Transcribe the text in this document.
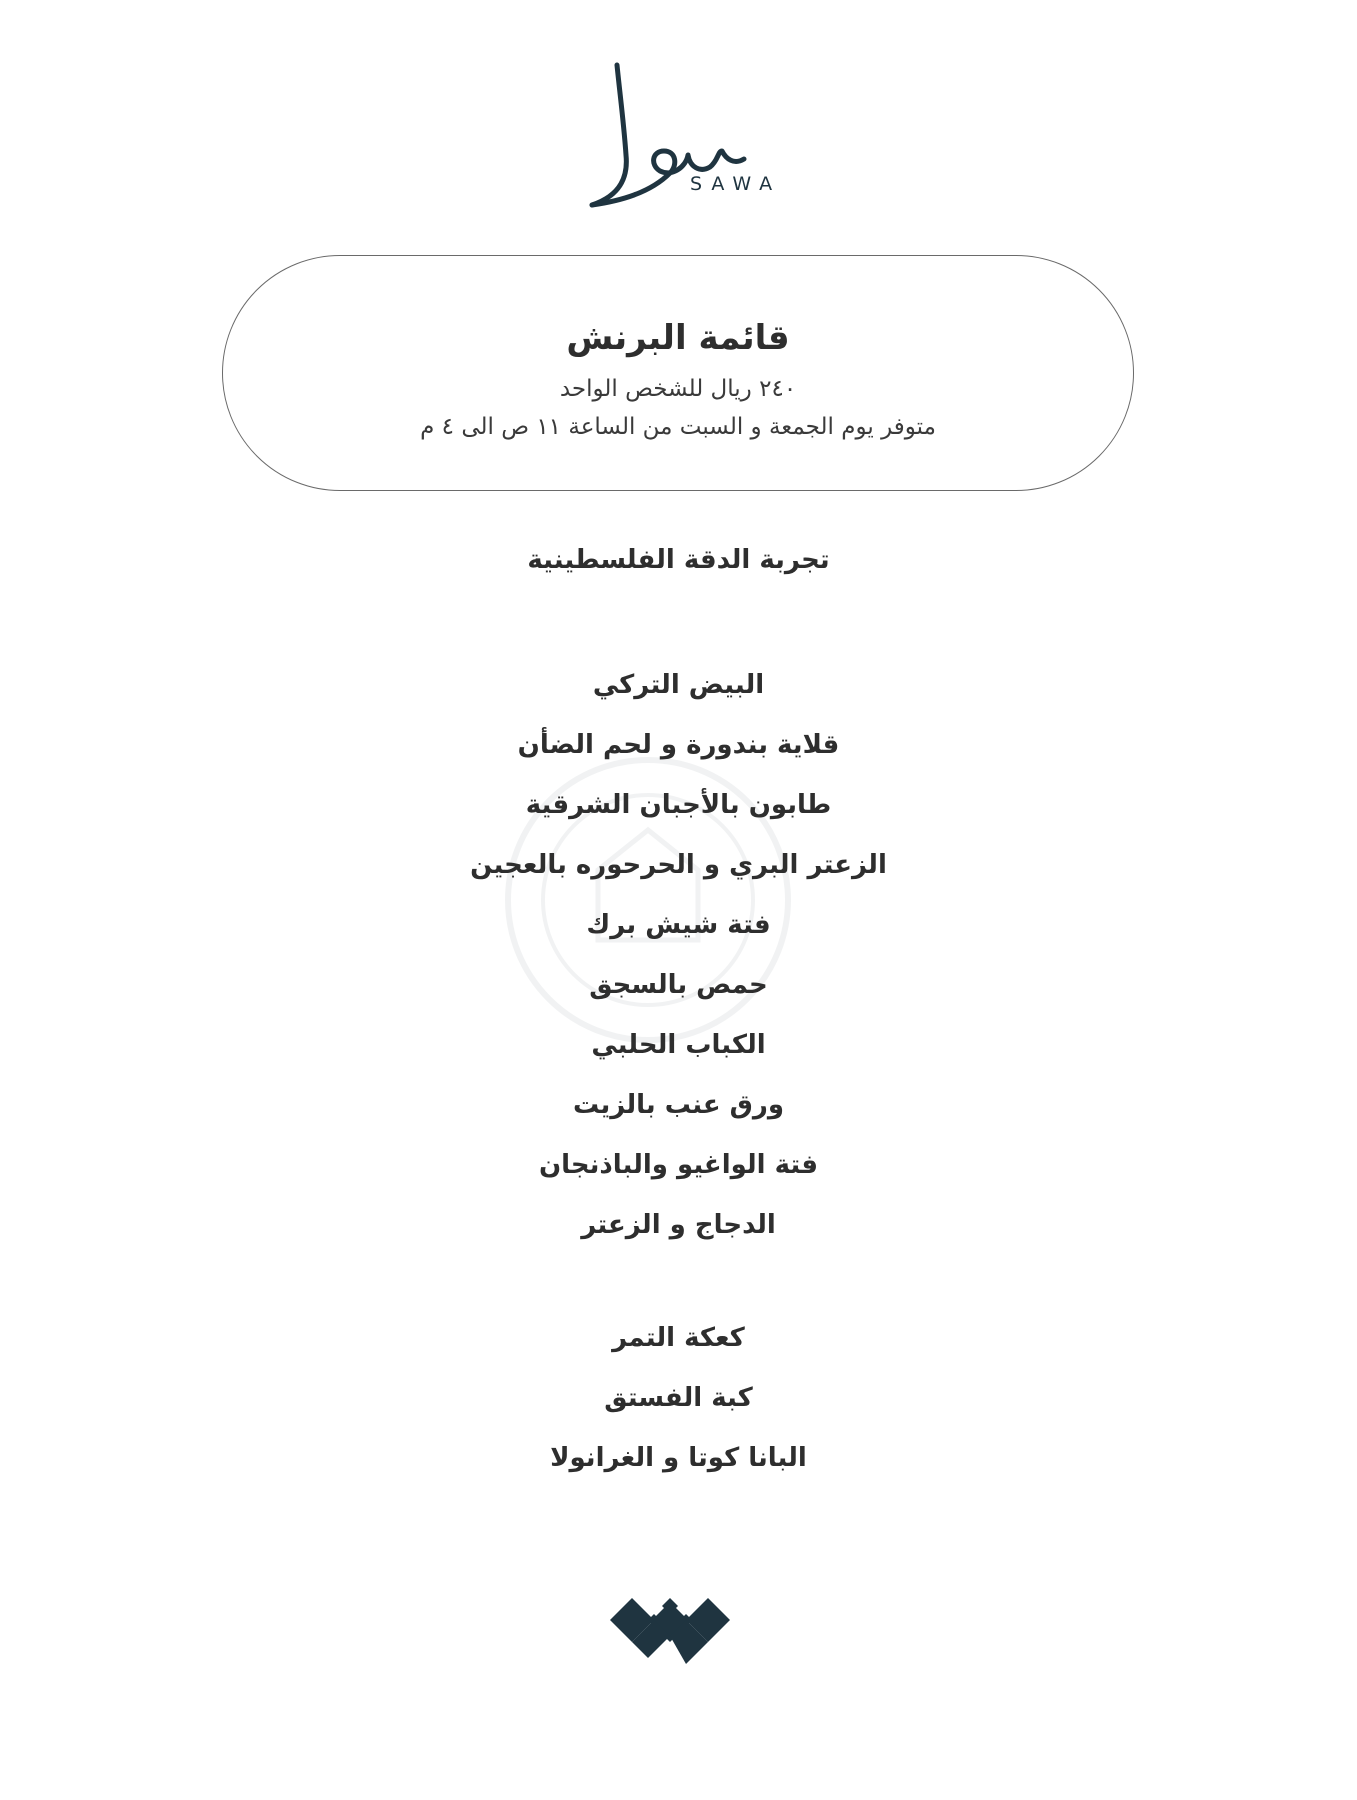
SAWA
قائمة البرنش
٢٤٠ ريال للشخص الواحد
متوفر يوم الجمعة و السبت من الساعة ١١ ص الى ٤ م
تجربة الدقة الفلسطينية
البيض التركي
قلاية بندورة و لحم الضأن
طابون بالأجبان الشرقية
الزعتر البري و الحرحوره بالعجين
فتة شيش برك
حمص بالسجق
الكباب الحلبي
ورق عنب بالزيت
فتة الواغيو والباذنجان
الدجاج و الزعتر
كعكة التمر
كبة الفستق
البانا كوتا و الغرانولا
